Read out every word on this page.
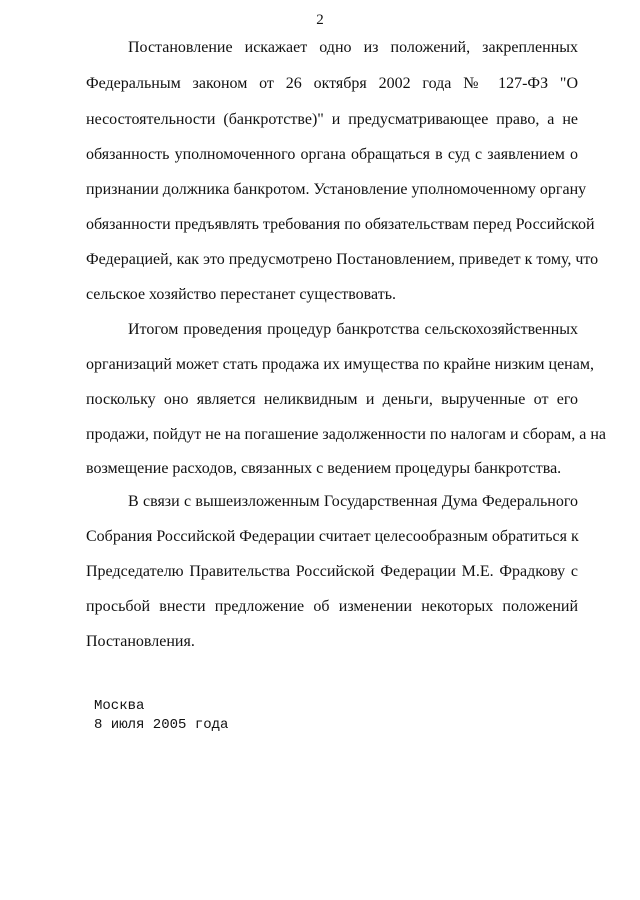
2
Постановление искажает одно из положений, закрепленных
Федеральным законом от 26 октября 2002 года № 127-ФЗ "О
несостоятельности (банкротстве)" и предусматривающее право, а не
обязанность уполномоченного органа обращаться в суд с заявлением о
признании должника банкротом. Установление уполномоченному органу
обязанности предъявлять требования по обязательствам перед Российской
Федерацией, как это предусмотрено Постановлением, приведет к тому, что
сельское хозяйство перестанет существовать.
Итогом проведения процедур банкротства сельскохозяйственных
организаций может стать продажа их имущества по крайне низким ценам,
поскольку оно является неликвидным и деньги, вырученные от его
продажи, пойдут не на погашение задолженности по налогам и сборам, а на
возмещение расходов, связанных с ведением процедуры банкротства.
В связи с вышеизложенным Государственная Дума Федерального
Собрания Российской Федерации считает целесообразным обратиться к
Председателю Правительства Российской Федерации М.Е. Фрадкову с
просьбой внести предложение об изменении некоторых положений
Постановления.
Москва
8 июля 2005 года
